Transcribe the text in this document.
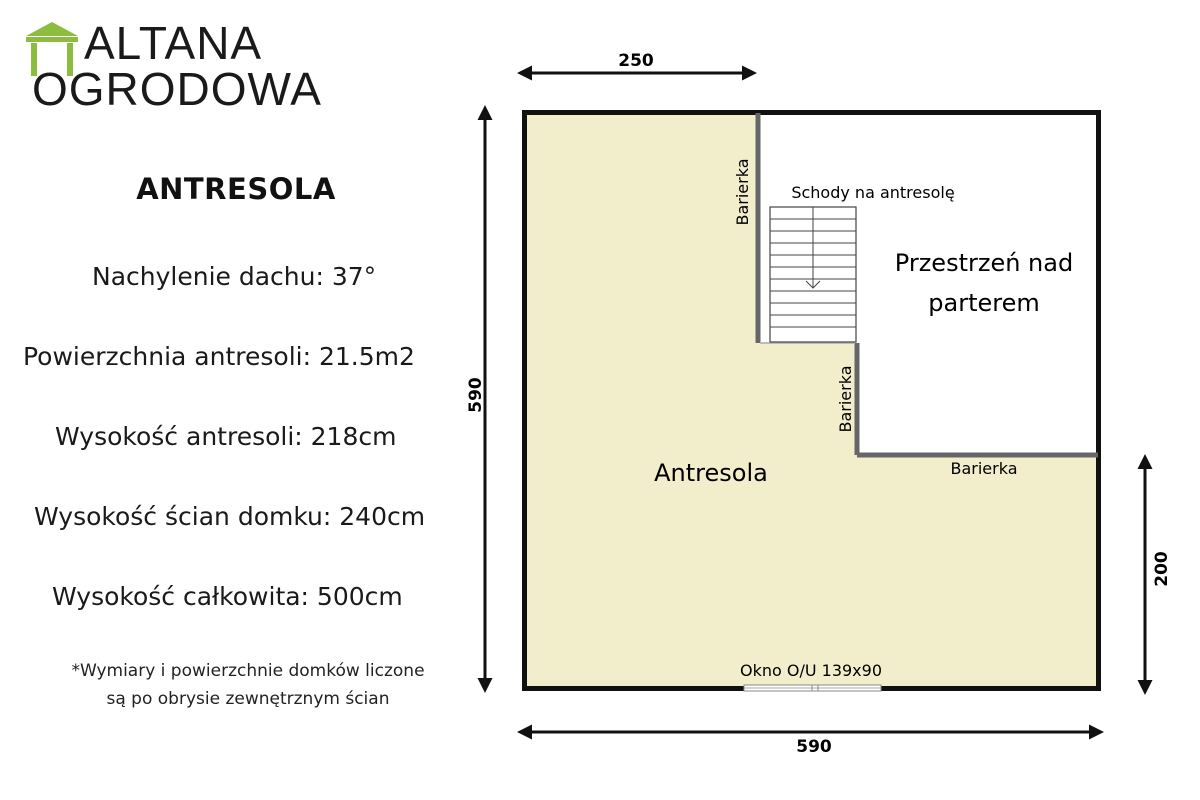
ALTANA
OGRODOWA
ANTRESOLA
Nachylenie dachu: 37°
Powierzchnia antresoli: 21.5m2
Wysokość antresoli: 218cm
Wysokość ścian domku: 240cm
Wysokość całkowita: 500cm
*Wymiary i powierzchnie domków liczone
są po obrysie zewnętrznym ścian
250
590
590
200
Barierka
Barierka
Barierka
Schody na antresolę
Przestrzeń nad
parterem
Antresola
Okno O/U 139x90
